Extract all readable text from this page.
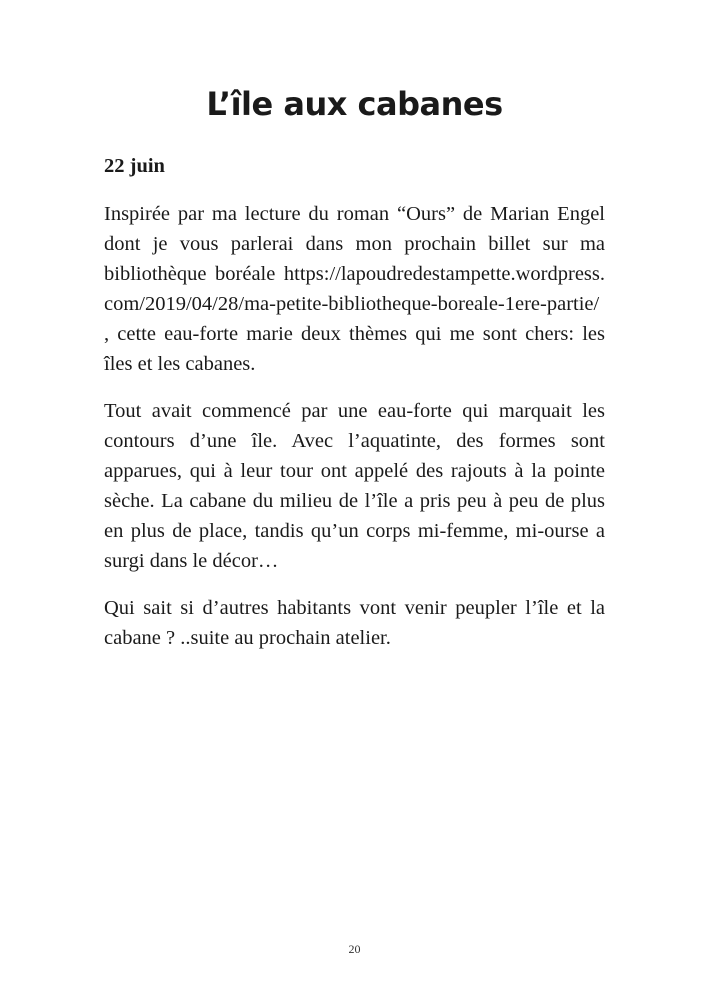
L’île aux cabanes

22 juin

Inspirée par ma lecture du roman “Ours” de Marian Engel dont je vous parlerai dans mon prochain billet sur ma bibliothèque boréale https://lapoudredestampette.wordpress.com/2019/04/28/ma-petite-bibliotheque-boreale-1ere-partie/ , cette eau-forte marie deux thèmes qui me sont chers: les îles et les cabanes.

Tout avait commencé par une eau-forte qui marquait les contours d’une île. Avec l’aquatinte, des formes sont apparues, qui à leur tour ont appelé des rajouts à la pointe sèche. La cabane du milieu de l’île a pris peu à peu de plus en plus de place, tandis qu’un corps mi-femme, mi-ourse a surgi dans le décor…

Qui sait si d’autres habitants vont venir peupler l’île et la cabane ? ..suite au prochain atelier.

20
